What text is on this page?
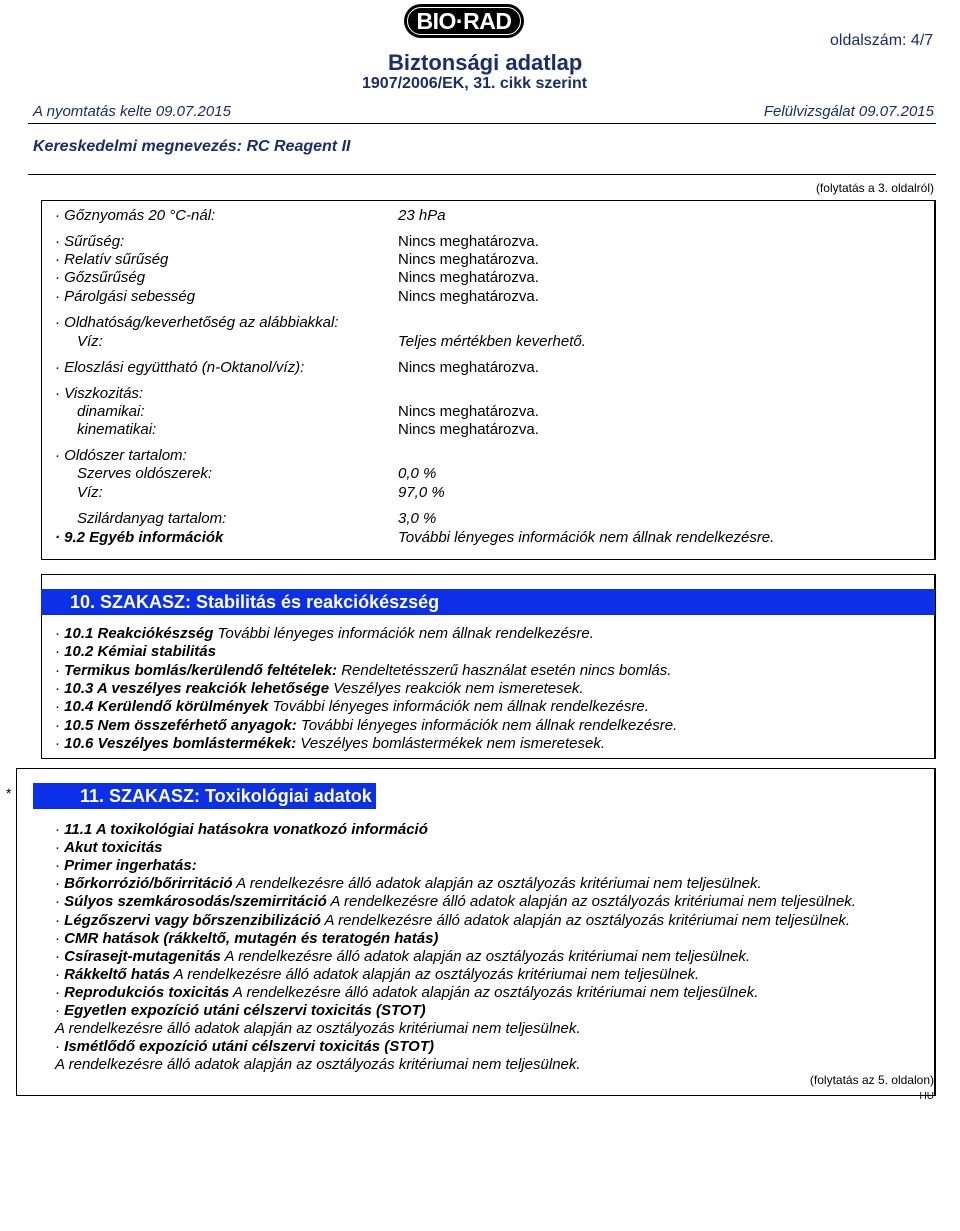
BIO·RAD
oldalszám: 4/7
Biztonsági adatlap
1907/2006/EK, 31. cikk szerint
A nyomtatás kelte 09.07.2015	Felülvizsgálat 09.07.2015
Kereskedelmi megnevezés: RC Reagent II
(folytatás a 3. oldalról)
· Gőznyomás 20 °C-nál:	23 hPa
· Sűrűség:	Nincs meghatározva.
· Relatív sűrűség	Nincs meghatározva.
· Gőzsűrűség	Nincs meghatározva.
· Párolgási sebesség	Nincs meghatározva.
· Oldhatóság/keverhetőség az alábbiakkal:
Víz:	Teljes mértékben keverhető.
· Eloszlási együttható (n-Oktanol/víz):	Nincs meghatározva.
· Viszkozitás:
dinamikai:	Nincs meghatározva.
kinematikai:	Nincs meghatározva.
· Oldószer tartalom:
Szerves oldószerek:	0,0 %
Víz:	97,0 %
Szilárdanyag tartalom:	3,0 %
· 9.2 Egyéb információk	További lényeges információk nem állnak rendelkezésre.
10. SZAKASZ: Stabilitás és reakciókészség
· 10.1 Reakciókészség További lényeges információk nem állnak rendelkezésre.
· 10.2 Kémiai stabilitás
· Termikus bomlás/kerülendő feltételek: Rendeltetésszerű használat esetén nincs bomlás.
· 10.3 A veszélyes reakciók lehetősége Veszélyes reakciók nem ismeretesek.
· 10.4 Kerülendő körülmények További lényeges információk nem állnak rendelkezésre.
· 10.5 Nem összeférhető anyagok: További lényeges információk nem állnak rendelkezésre.
· 10.6 Veszélyes bomlástermékek: Veszélyes bomlástermékek nem ismeretesek.
*	11. SZAKASZ: Toxikológiai adatok
· 11.1 A toxikológiai hatásokra vonatkozó információ
· Akut toxicitás
· Primer ingerhatás:
· Bőrkorrózió/bőrirritáció A rendelkezésre álló adatok alapján az osztályozás kritériumai nem teljesülnek.
· Súlyos szemkárosodás/szemirritáció A rendelkezésre álló adatok alapján az osztályozás kritériumai nem teljesülnek.
· Légzőszervi vagy bőrszenzibilizáció A rendelkezésre álló adatok alapján az osztályozás kritériumai nem teljesülnek.
· CMR hatások (rákkeltő, mutagén és teratogén hatás)
· Csírasejt-mutagenitás A rendelkezésre álló adatok alapján az osztályozás kritériumai nem teljesülnek.
· Rákkeltő hatás A rendelkezésre álló adatok alapján az osztályozás kritériumai nem teljesülnek.
· Reprodukciós toxicitás A rendelkezésre álló adatok alapján az osztályozás kritériumai nem teljesülnek.
· Egyetlen expozíció utáni célszervi toxicitás (STOT)
A rendelkezésre álló adatok alapján az osztályozás kritériumai nem teljesülnek.
· Ismétlődő expozíció utáni célszervi toxicitás (STOT)
A rendelkezésre álló adatok alapján az osztályozás kritériumai nem teljesülnek.
(folytatás az 5. oldalon)
HU
